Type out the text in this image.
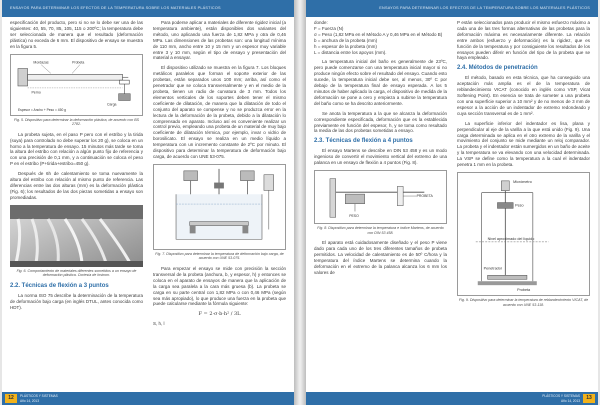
ENSAYOS PARA DETERMINAR LOS EFECTOS DE LA TEMPERATURA SOBRE LOS MATERIALES PLÁSTICOS

especificación del producto, pero si no se lo debe ser una de las siguientes: 40, 55, 70, 85, 105, 115 o 200ºC; la temperatura debe ser seleccionada de manera que el resultado (deformación plástica) no exceda de 6 mm. El dispositivo de ensayo se muestra en la figura 5.

Mordazas	Probeta
Perno
Carga
Espesor = Ancho + Peso = 450 g
Fig. 5. Dispositivo para determinar la deformación plástica, de acuerdo con BS 2782.

La probeta sujeta, en el paso P pero con el estribo y la tirida (suya) para controlado no debe superar los 20 g), se coloca en un horno a la temperatura de ensayo. 15 minutos más tarde se toma la altura del estribo con relación a algún punto fijo de referencia y con una precisión de 0,1 mm, y a continuación se coloca el peso P en el estribo (P+tirida+estribo=450 g).

Después de 6h de calentamiento se toma nuevamente la altura del estribo con relación al mismo punto de referencia. Las diferencias entre las dos alturas (mm) es la deformación plástica (Fig. 6); los resultados de las dos piezas sometidas a ensayo son promediadas.

Fig. 6. Comportamiento de materiales diferentes sometidos a un ensayo de deformación plástica. Cortesía de Instrom.
2.2. Técnicas de flexión a 3 puntos

La norma ISO 75 describe la determinación de la temperatura de deformación bajo carga (en inglés DTUL, antes conocida como HDT).

Para poderse aplicar a materiales de diferente rigidez inicial (a temperatura ambiente), están disponibles dos variantes del método, uno aplicando una fuerza de 1,82 MPa y otra de 0,46 MPa. Las dimensiones de las probetas son: una longitud mínima de 110 mm, ancho entre 10 y 15 mm y un espesor muy variable entre 3 y 10 mm, según el tipo de ensayo y presentación del material a ensayar.

El dispositivo utilizado se muestra en la figura 7. Los bloques metálicos paralelos que forman el soporte exterior de las probetas, están separados unos 100 mm; arriba, así como el penetrador que se coloca transversalmente y en el medio de la probeta, tienen un radio de curvatura de 3 mm. Todos los elementos verticales de los soportes deben tener el mismo coeficiente de dilatación, de manera que la dilatación de todo el conjunto del aparato se compense y no se produzca error en la lectura de la deformación de la probeta, debido a la dilatación lo comprensado en aparato. Incluso así es conveniente realizar un control previo, empleando una probeta de un material de muy bajo coeficiente de dilatación térmica, por ejemplo, invar o vidrio de borosilicato. El ensayo se realiza en un medio líquido a temperatura con un incremento constante de 2ºC por minuto. El dispositivo para determinar la temperatura de deformación bajo carga, de acuerdo con UNE 53-075.

Fig. 7. Dispositivo para determinar la temperatura de deformación bajo carga, de acuerdo con UNE 53-075.

Para empezar el ensayo se mide con precisión la sección transversal de la probeta (anchura, b, y espesor, h) y entonces se coloca en el aparato de ensayos de manera que la aplicación de la carga sea paralela a la cara más gruesa (b). La probeta se carga en su parte central con 1,82 MPa o con 0,46 MPa (según sea más apropiado), lo que produce una fuerza en la probeta que puede calcularse mediante la fórmula siguiente:

F = 2·σ·b·h² / 3L

S, h, l

12	PLÁSTICOS Y SISTEMAS
Año 14, 2013
ENSAYOS PARA DETERMINAR LOS EFECTOS DE LA TEMPERATURA SOBRE LOS MATERIALES PLÁSTICOS

donde:

F = Fuerza (N)

σ = Peso (1,82 MPa en el Método A y 0,46 MPa en el Método B)

b = anchura de la probeta (mm)

h = espesor de la probeta (mm)

L = distancia entre los apoyos (mm).

La temperatura inicial del baño es generalmente de 23ºC, pero puede comenzarse con una temperatura inicial mayor si no produce ningún efecto sobre el resultado del ensayo. Cuando esto sucede, la temperatura inicial debe ser, al menos, 30º C por debajo de la temperatura final de ensayo esperada. A los 5 minutos de haber aplicado la carga, el dispositivo de medida de la deformación se pone a cero y empieza a subirse la temperatura del baño como se ha descrito anteriormente.

Se anota la temperatura a la que se alcanza la deformación correspondiente especificada, deformación que es la establecida previamente en función del espesor, h, y se toma como resultado la media de las dos probetas sometidas a ensayo.

2.3. Técnicas de flexión a 4 puntos

El ensayo Martens se describe en DIN 53 458 y es un modo ingenioso de convertir el movimiento vertical del extremo de una palanca en un ensayo de flexión a 4 puntos (Fig. 8).

PESO
PROBETA
Fig. 8. Dispositivo para determinar la temperatura e índice Martens, de acuerdo con DIN 53 458.

El aparato está cuidadosamente diseñado y el peso P viene dado para cada uno de los tres diferentes tamaños de probeta permitidos. La velocidad de calentamiento es de 50º C/hora y la temperatura del índice Martens se determina cuando la deformación en el extremo de la palanca alcanza los 6 mm los valores de

P están seleccionados para producir el mismo esfuerzo máximo a cada una de las tres formas alternativas de las probetas para la deformación máxima es necesariamente diferente. La relación entre ambos (esfuerzo y deformación) es la rigidez, que es función de la temperatura y por consiguiente los resultados de los ensayos pueden diferir en función del tipo de la probeta que se haya empleado.

2.4. Métodos de penetración

El método, basado en esta técnica, que ha conseguido una aceptación más amplia es el de la temperatura de reblandecimiento VICAT (conocido en inglés como VSP, Vicat Softening Point). En esencia se trata de someter a una probeta con una superficie superior a 10 mm² y de no menos de 3 mm de espesor a la acción de un indentador de extremo redondeado y cuya sección transversal es de 1 mm².

La superficie inferior del indentador es lisa, plana y perpendicular al eje de la varilla a la que está unido (Fig. 9). Una carga determinada se aplica en el otro extremo de la varilla y el movimiento del conjunto se mide mediante un reloj comparador. La probeta y el indentador están sumergidos en un baño de aceite y la temperatura se va elevando con una velocidad determinada. La VSP se define como la temperatura a la cual el indentador penetra 1 mm en la probeta.

Micrómetro
Peso
Nivel aproximado del líquido
Penetrador
Probeta
Fig. 9. Dispositivo para determinar la temperatura de reblandecimiento VICAT, de acuerdo con UNE 53-118.
PLÁSTICOS Y SISTEMAS
Año 14, 2013	13
